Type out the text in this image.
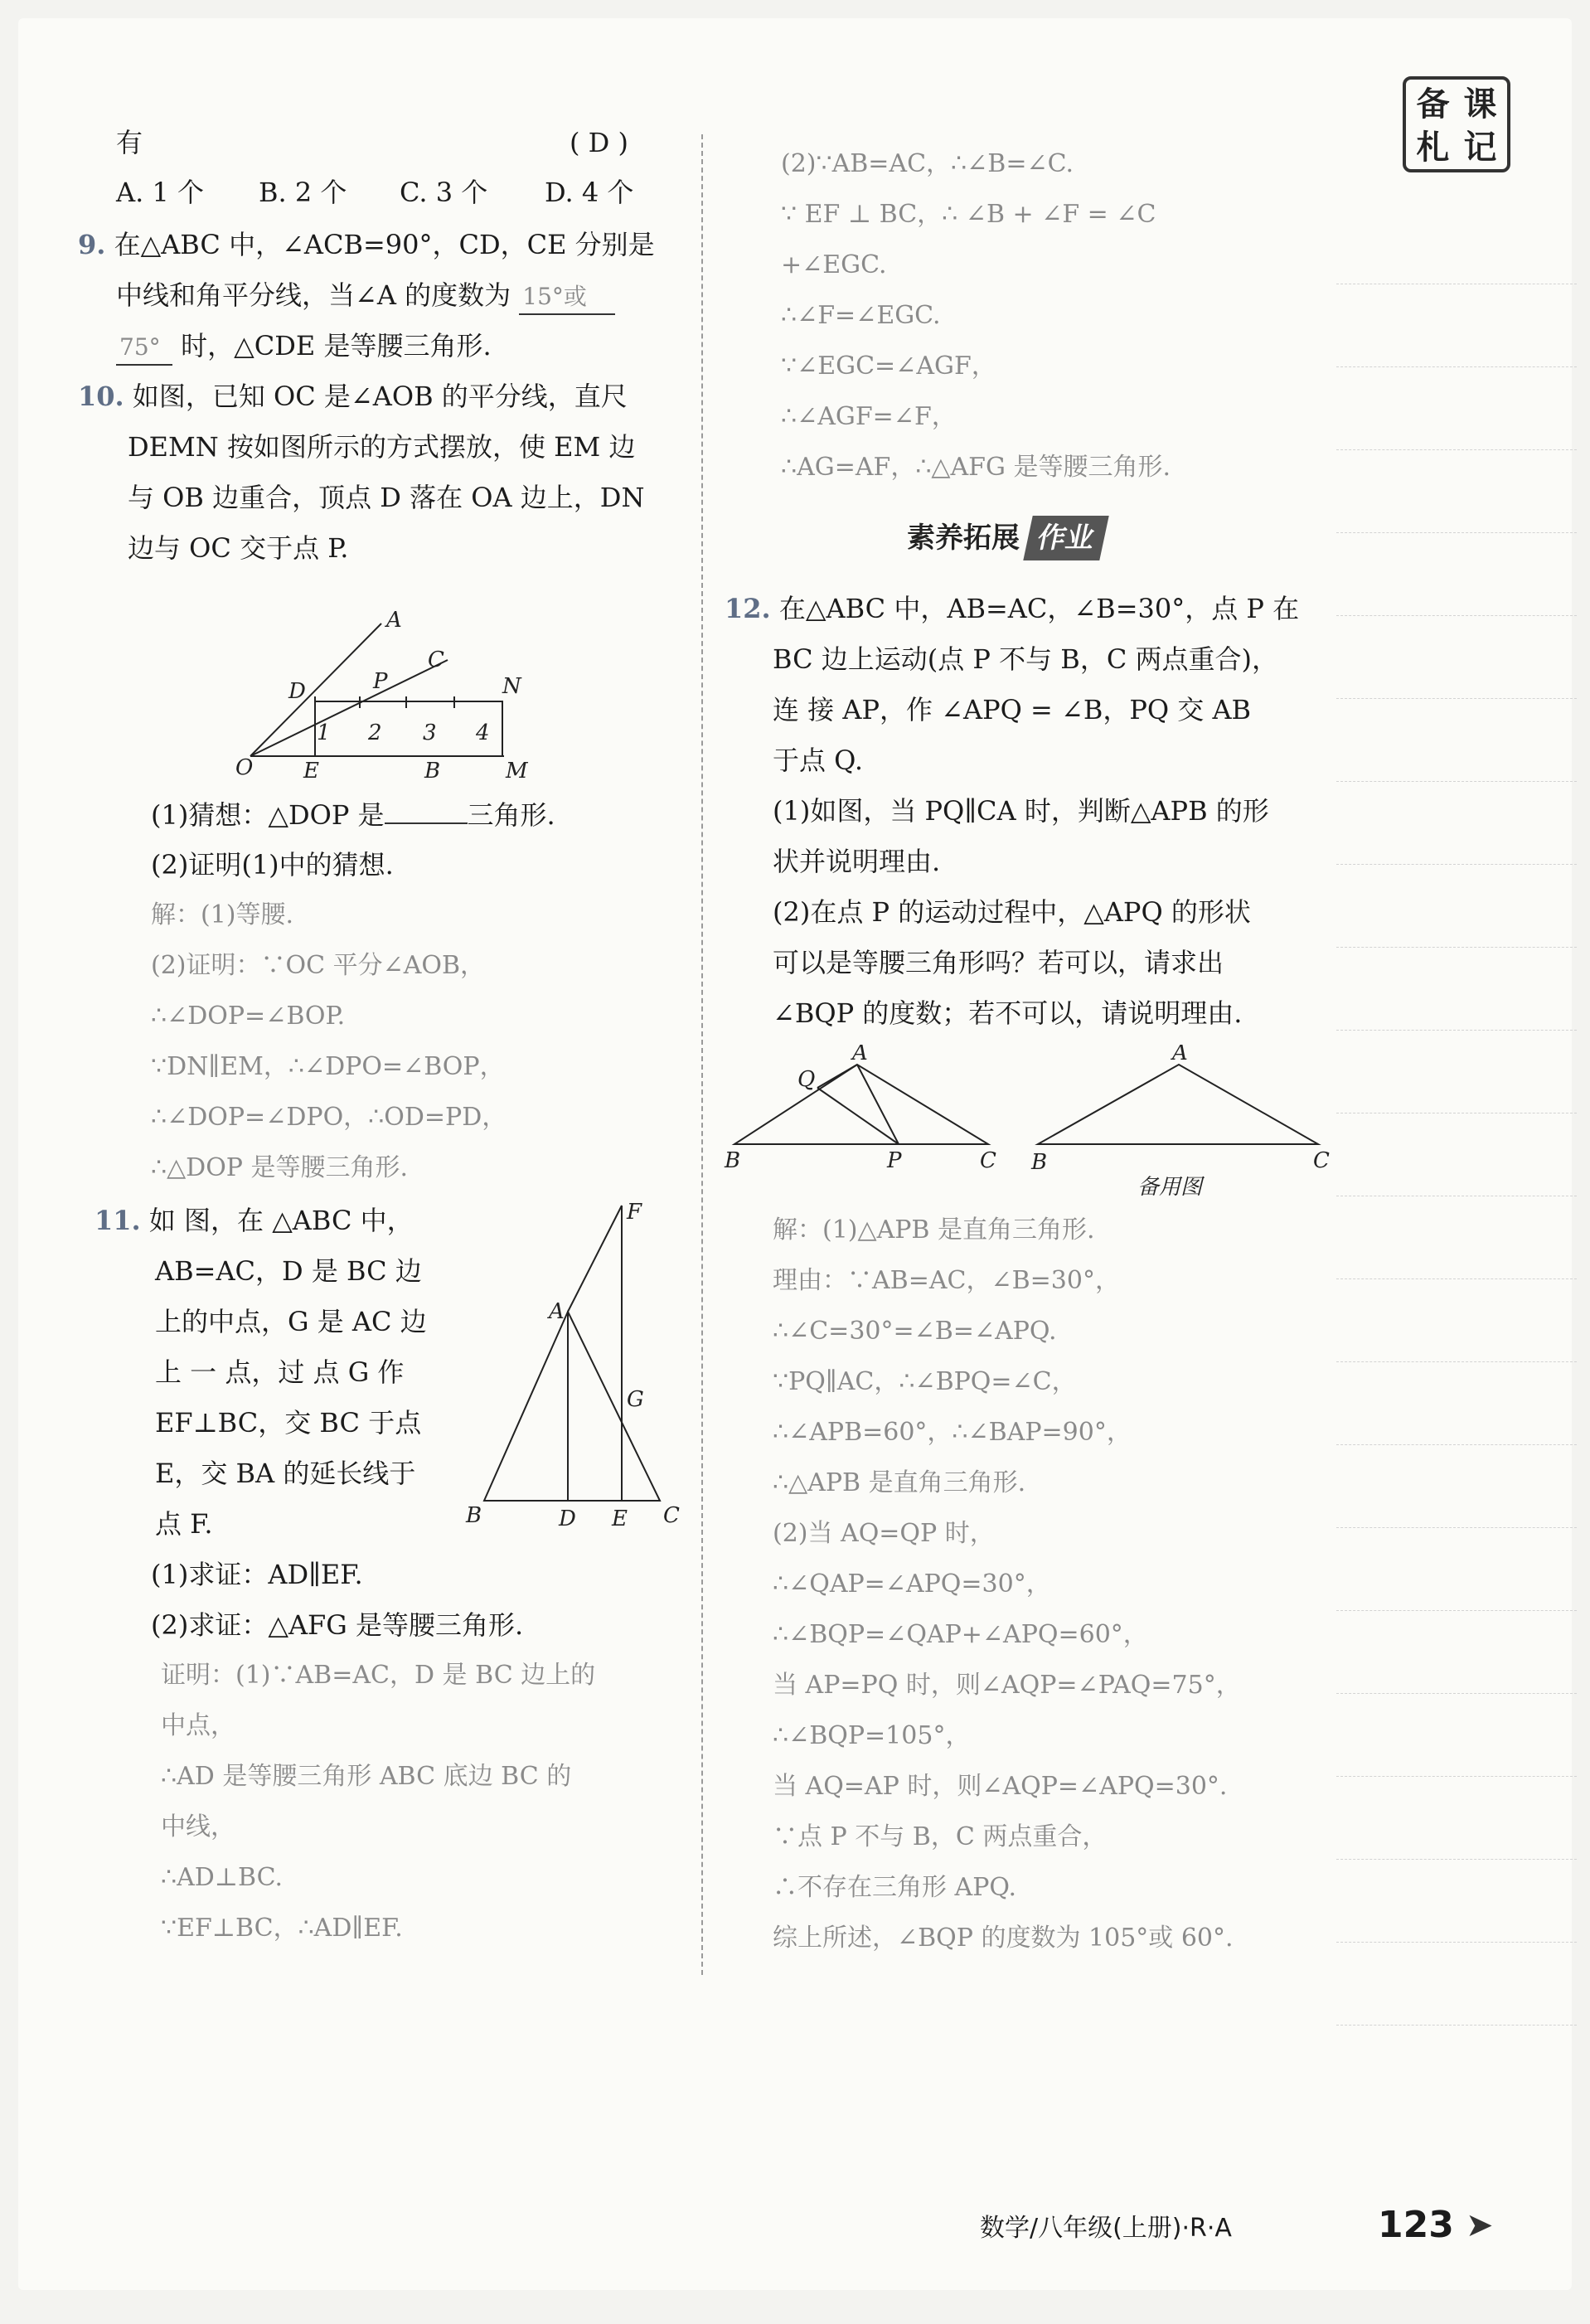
备 课
札 记
有	( D )
A. 1 个 B. 2 个 C. 3 个 D. 4 个
9. 在△ABC 中，∠ACB=90°，CD，CE 分别是
中线和角平分线，当∠A 的度数为 15°或
75° 时，△CDE 是等腰三角形.
10. 如图，已知 OC 是∠AOB 的平分线，直尺
DEMN 按如图所示的方式摆放，使 EM 边
与 OB 边重合，顶点 D 落在 OA 边上，DN
边与 OC 交于点 P.
A
C
D	P	N
O E	B	M
1 2 3 4
(1)猜想：△DOP 是	三角形.
(2)证明(1)中的猜想.
解：(1)等腰.
(2)证明：∵OC 平分∠AOB，
∴∠DOP=∠BOP.
∵DN∥EM，∴∠DPO=∠BOP，
∴∠DOP=∠DPO，∴OD=PD，
∴△DOP 是等腰三角形.
11. 如 图，在 △ABC 中，
AB=AC，D 是 BC 边
上的中点，G 是 AC 边
上 一 点，过 点 G 作
EF⊥BC，交 BC 于点
E，交 BA 的延长线于
点 F.
F
A
G
B	D E C
(1)求证：AD∥EF.
(2)求证：△AFG 是等腰三角形.
证明：(1)∵AB=AC，D 是 BC 边上的
中点，
∴AD 是等腰三角形 ABC 底边 BC 的
中线，
∴AD⊥BC.
∵EF⊥BC，∴AD∥EF.
(2)∵AB=AC，∴∠B=∠C.
∵ EF ⊥ BC，∴ ∠B + ∠F = ∠C
+∠EGC.
∴∠F=∠EGC.
∵∠EGC=∠AGF，
∴∠AGF=∠F，
∴AG=AF，∴△AFG 是等腰三角形.
素养拓展 作业
12. 在△ABC 中，AB=AC，∠B=30°，点 P 在
BC 边上运动(点 P 不与 B，C 两点重合)，
连 接 AP，作 ∠APQ = ∠B，PQ 交 AB
于点 Q.
(1)如图，当 PQ∥CA 时，判断△APB 的形
状并说明理由.
(2)在点 P 的运动过程中，△APQ 的形状
可以是等腰三角形吗？若可以，请求出
∠BQP 的度数；若不可以，请说明理由.
Q
A
B	P	C
A
B	C
备用图
解：(1)△APB 是直角三角形.
理由：∵AB=AC，∠B=30°，
∴∠C=30°=∠B=∠APQ.
∵PQ∥AC，∴∠BPQ=∠C，
∴∠APB=60°，∴∠BAP=90°，
∴△APB 是直角三角形.
(2)当 AQ=QP 时，
∴∠QAP=∠APQ=30°，
∴∠BQP=∠QAP+∠APQ=60°，
当 AP=PQ 时，则∠AQP=∠PAQ=75°，
∴∠BQP=105°，
当 AQ=AP 时，则∠AQP=∠APQ=30°.
∵点 P 不与 B，C 两点重合，
∴不存在三角形 APQ.
综上所述，∠BQP 的度数为 105°或 60°.
数学/八年级(上册)·R·A	123 ➤
